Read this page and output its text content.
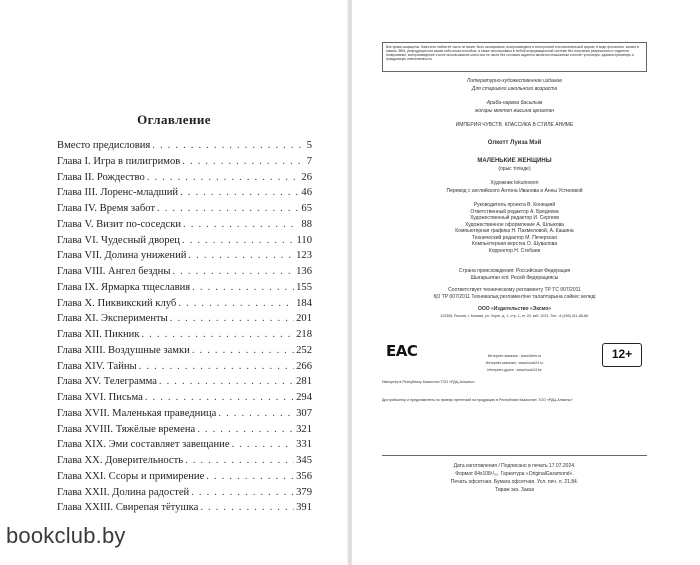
Оглавление
Вместо предисловия . . .	5
Глава I. Игра в пилигримов . . .	7
Глава II. Рождество . . .	26
Глава III. Лоренс-младший . . .	46
Глава IV. Время забот . . .	65
Глава V. Визит по-соседски . . .	88
Глава VI. Чудесный дворец . . .	110
Глава VII. Долина унижений . . .	123
Глава VIII. Ангел бездны . . .	136
Глава IX. Ярмарка тщеславия . . .	155
Глава X. Пиквикский клуб . . .	184
Глава XI. Эксперименты . . .	201
Глава XII. Пикник . . .	218
Глава XIII. Воздушные замки . . .	252
Глава XIV. Тайны . . .	266
Глава XV. Телеграмма . . .	281
Глава XVI. Письма . . .	294
Глава XVII. Маленькая праведница . . .	307
Глава XVIII. Тяжёлые времена . . .	321
Глава XIX. Эми составляет завещание . . .	331
Глава XX. Доверительность . . .	345
Глава XXI. Ссоры и примирение . . .	356
Глава XXII. Долина радостей . . .	379
Глава XXIII. Свирепая тётушка . . .	391
Все права защищены. Книга или любая ее часть не может быть скопирована, воспроизведена в электронной или механической форме, в виде фотокопии, записи в память ЭВМ, репродукции или каким-либо иным способом, а также использована в любой информационной системе без получения разрешения от издателя. Копирование, воспроизведение и иное использование книги или ее части без согласия издателя является незаконным и влечет уголовную, административную и гражданскую ответственность.
Литературно-художественное издание
Для старшего школьного возраста
Араба-нарвоа басылым
жоғары мектеп жасына арналған
ИМПЕРИЯ ЧУВСТВ. КЛАССИКА В СТИЛЕ АНИМЕ
Олкотт Луиза Мэй
МАЛЕНЬКИЕ ЖЕНЩИНЫ
(орыс тілінде)
Художник tokuinoeen
Перевод с английского Антона Иванова и Анны Устиновой
Руководитель проекта В. Конецкий
Ответственный редактор А. Бреднева
Художественный редактор И. Сергеев
Художественное оформление А. Шлыкова
Компьютерная графика Н. Пахмеловой, А. Кашина
Технический редактор М. Печерская
Компьютерная верстка О. Шувалова
Корректор Н. Стебаев
Страна происхождения: Российская Федерация
Шығарылған елі: Ресей Федерациясы
Соответствует техническому регламенту ТР ТС 007/2011
ҚО ТР 007/2011 Техникалық регламентіне талаптарына сәйкес келеді
ООО «Издательство «Эксмо»
123308, Россия, г. Москва, ул. Зорге, д. 1, стр. 1, эт. 20, каб. 2013. Тел.: 8 (495) 411-68-86.
ЕАС	12+
Интернет-магазин : www.litres.ru
Интернет-магазин : www.book24.ru
Интернет-дүкен : www.book24.kz
Импортёр в Республику Казахстан ТОО «РДЦ-Алматы».
Дистрибьютор и представитель по приему претензий на продукцию в Республике Казахстан: ТОО «РДЦ-Алматы»
Дата изготовления / Подписано в печать 17.07.2024.
Формат 84x108¹/₃₂. Гарнитура «OriginalGaramond».
Печать офсетная. Бумага офсетная. Усл. печ. л. 21,84.
Тираж экз. Заказ
bookclub.by
